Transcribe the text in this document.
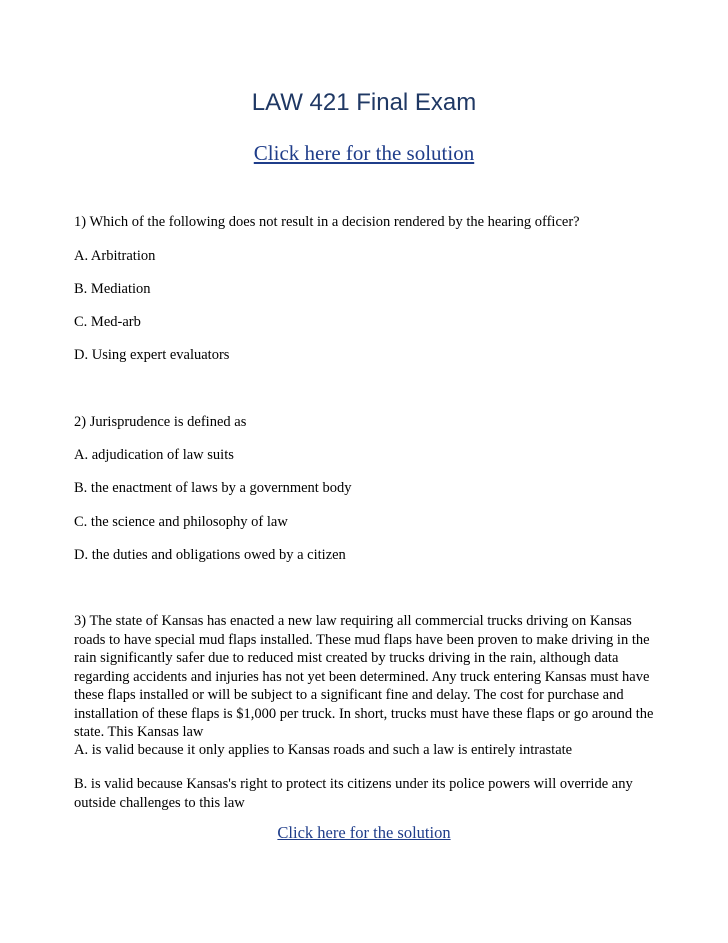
LAW 421 Final Exam
Click here for the solution
1) Which of the following does not result in a decision rendered by the hearing officer?
A. Arbitration
B. Mediation
C. Med-arb
D. Using expert evaluators
2) Jurisprudence is defined as
A. adjudication of law suits
B. the enactment of laws by a government body
C. the science and philosophy of law
D. the duties and obligations owed by a citizen
3) The state of Kansas has enacted a new law requiring all commercial trucks driving on Kansas roads to have special mud flaps installed. These mud flaps have been proven to make driving in the rain significantly safer due to reduced mist created by trucks driving in the rain, although data regarding accidents and injuries has not yet been determined. Any truck entering Kansas must have these flaps installed or will be subject to a significant fine and delay. The cost for purchase and installation of these flaps is $1,000 per truck. In short, trucks must have these flaps or go around the state. This Kansas law
A. is valid because it only applies to Kansas roads and such a law is entirely intrastate
B. is valid because Kansas's right to protect its citizens under its police powers will override any outside challenges to this law
Click here for the solution
